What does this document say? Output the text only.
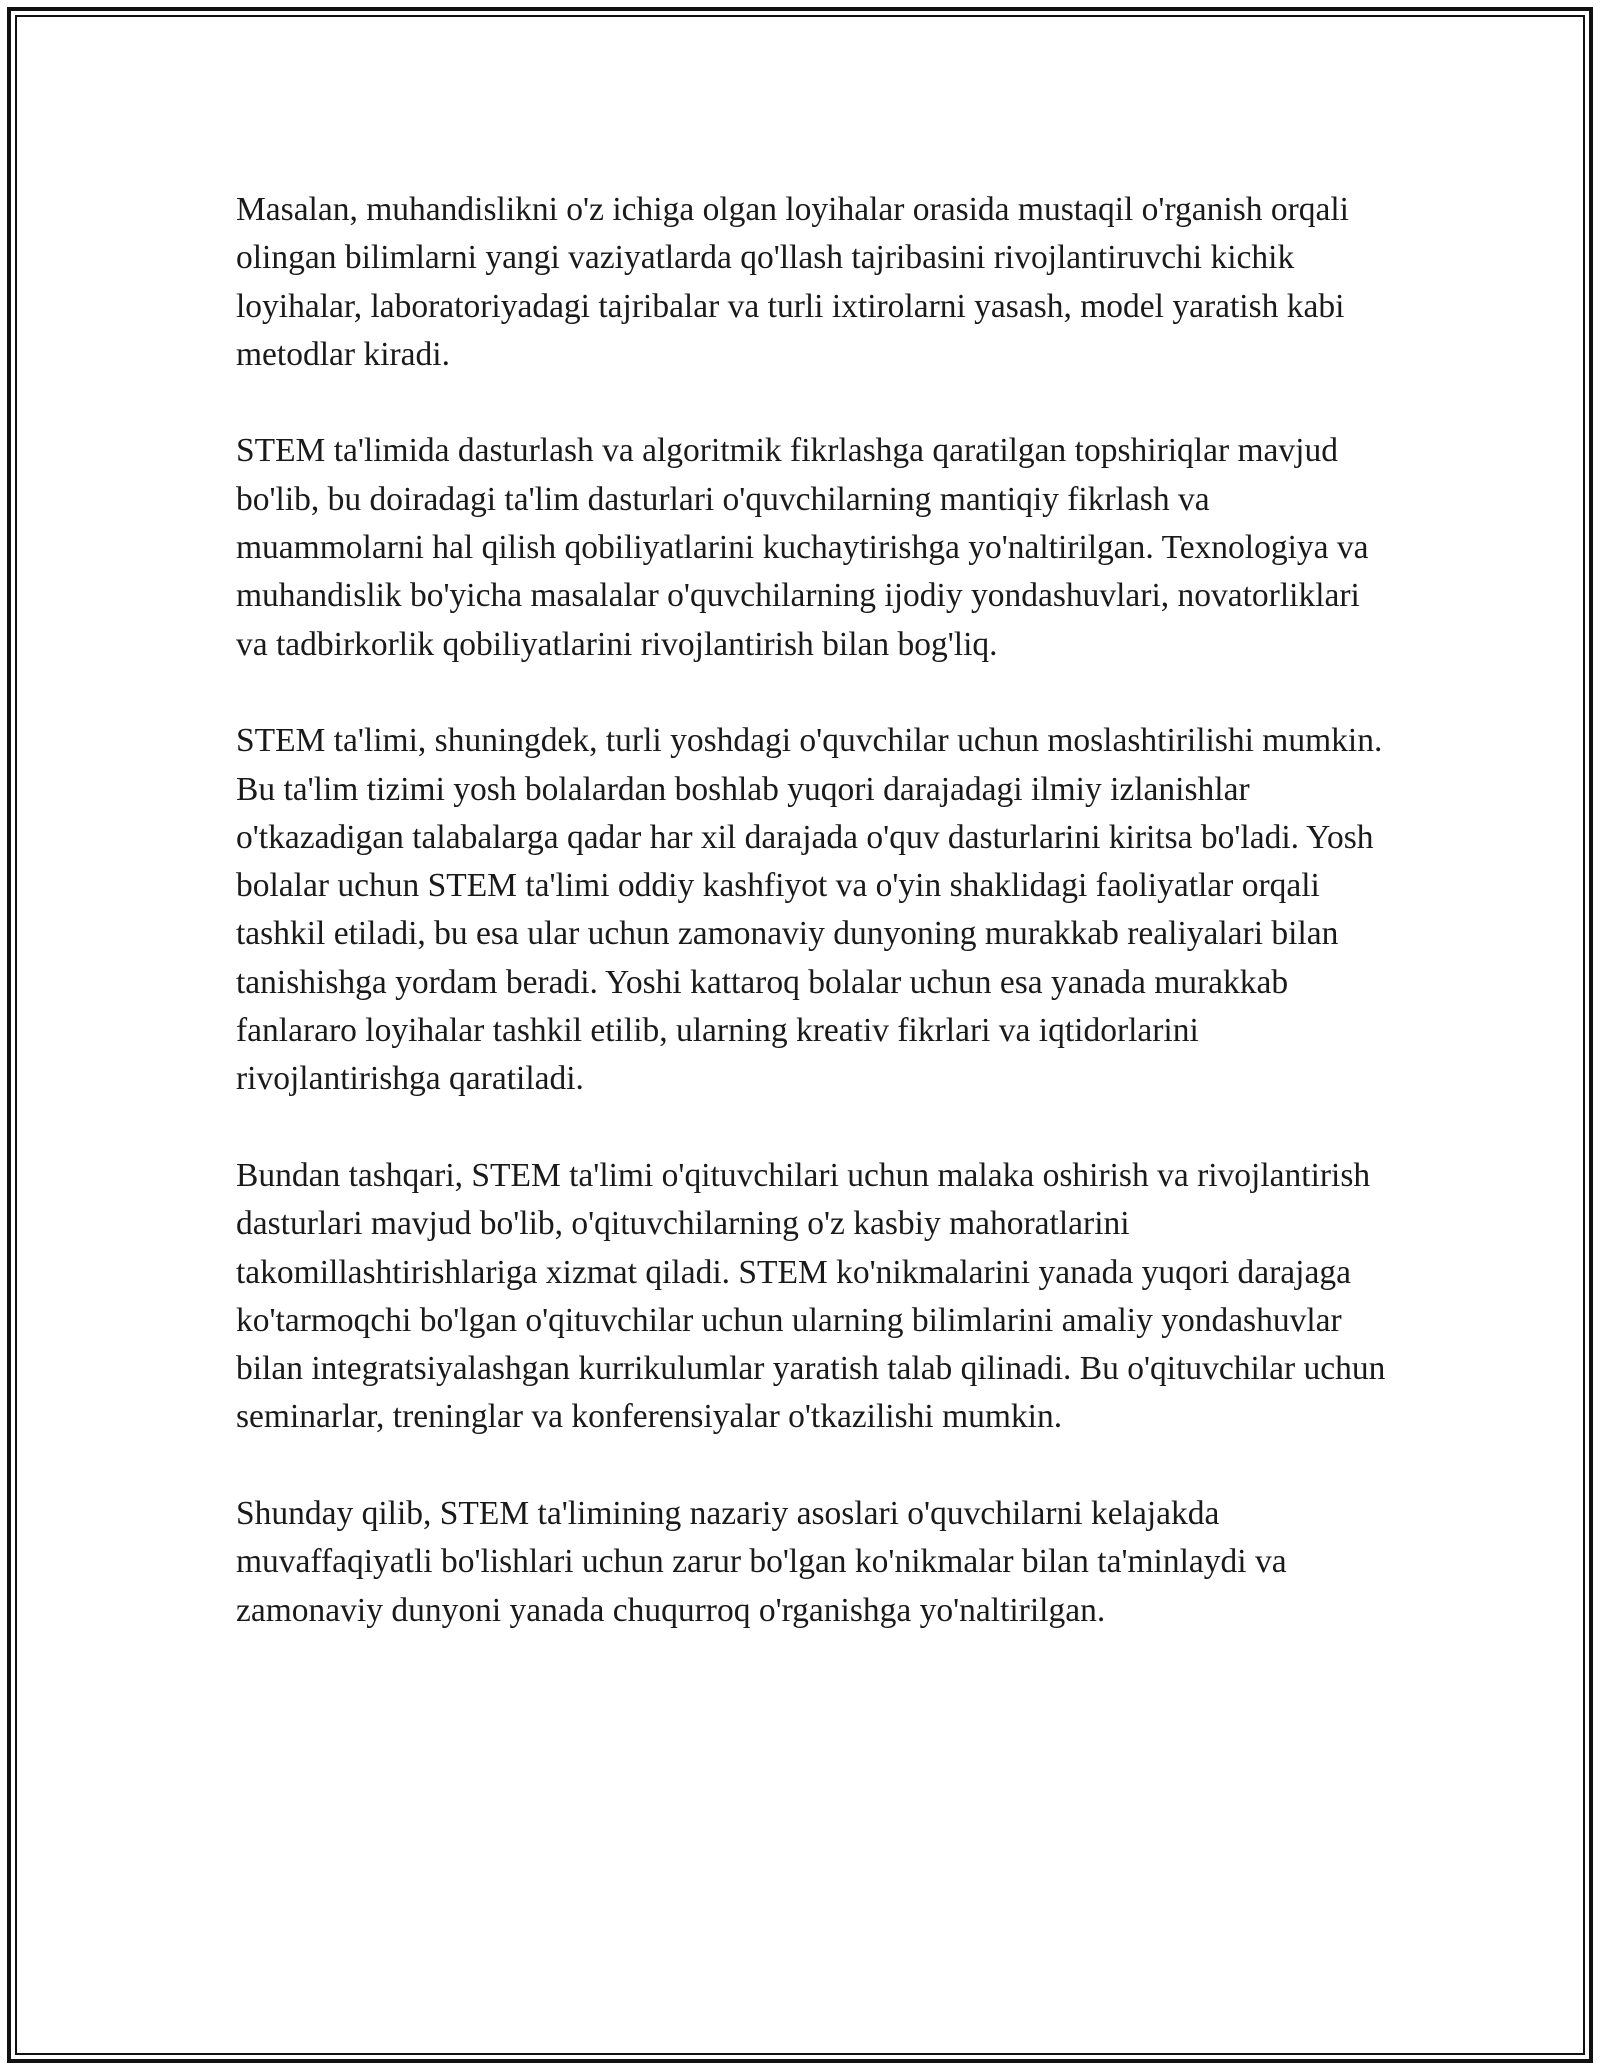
Masalan, muhandislikni o'z ichiga olgan loyihalar orasida mustaqil o'rganish orqali olingan bilimlarni yangi vaziyatlarda qo'llash tajribasini rivojlantiruvchi kichik loyihalar, laboratoriyadagi tajribalar va turli ixtirolarni yasash, model yaratish kabi metodlar kiradi.

STEM ta'limida dasturlash va algoritmik fikrlashga qaratilgan topshiriqlar mavjud bo'lib, bu doiradagi ta'lim dasturlari o'quvchilarning mantiqiy fikrlash va muammolarni hal qilish qobiliyatlarini kuchaytirishga yo'naltirilgan. Texnologiya va muhandislik bo'yicha masalalar o'quvchilarning ijodiy yondashuvlari, novatorliklari va tadbirkorlik qobiliyatlarini rivojlantirish bilan bog'liq.

STEM ta'limi, shuningdek, turli yoshdagi o'quvchilar uchun moslashtirilishi mumkin. Bu ta'lim tizimi yosh bolalardan boshlab yuqori darajadagi ilmiy izlanishlar o'tkazadigan talabalarga qadar har xil darajada o'quv dasturlarini kiritsa bo'ladi. Yosh bolalar uchun STEM ta'limi oddiy kashfiyot va o'yin shaklidagi faoliyatlar orqali tashkil etiladi, bu esa ular uchun zamonaviy dunyoning murakkab realiyalari bilan tanishishga yordam beradi. Yoshi kattaroq bolalar uchun esa yanada murakkab fanlararo loyihalar tashkil etilib, ularning kreativ fikrlari va iqtidorlarini rivojlantirishga qaratiladi.

Bundan tashqari, STEM ta'limi o'qituvchilari uchun malaka oshirish va rivojlantirish dasturlari mavjud bo'lib, o'qituvchilarning o'z kasbiy mahoratlarini takomillashtirishlariga xizmat qiladi. STEM ko'nikmalarini yanada yuqori darajaga ko'tarmoqchi bo'lgan o'qituvchilar uchun ularning bilimlarini amaliy yondashuvlar bilan integratsiyalashgan kurrikulumlar yaratish talab qilinadi. Bu o'qituvchilar uchun seminarlar, treninglar va konferensiyalar o'tkazilishi mumkin.

Shunday qilib, STEM ta'limining nazariy asoslari o'quvchilarni kelajakda muvaffaqiyatli bo'lishlari uchun zarur bo'lgan ko'nikmalar bilan ta'minlaydi va zamonaviy dunyoni yanada chuqurroq o'rganishga yo'naltirilgan.
